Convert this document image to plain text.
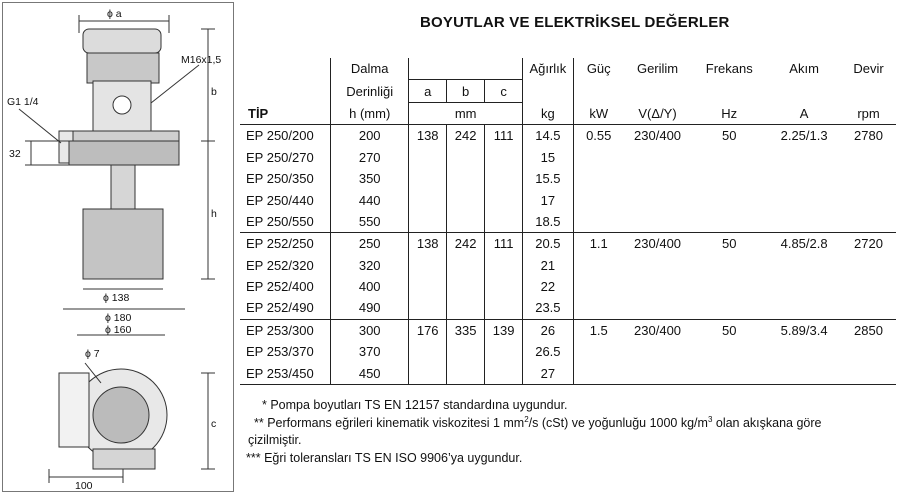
ϕ a
M16x1,5
G1 1/4
b
32
h
ϕ 138
ϕ 180
ϕ 160
ϕ 7
c
100
BOYUTLAR VE ELEKTRİKSEL DEĞERLER
	Dalma				Ağırlık	Güç	Gerilim	Frekans	Akım	Devir
	Derinliği	a	b	c						
TİP	h (mm)	mm			kg	kW	V(Δ/Y)	Hz	A	rpm
EP 250/200	200	138	242	111	14.5	0.55	230/400	50	2.25/1.3	2780
EP 250/270	270				15					
EP 250/350	350				15.5					
EP 250/440	440				17					
EP 250/550	550				18.5					
EP 252/250	250	138	242	111	20.5	1.1	230/400	50	4.85/2.8	2720
EP 252/320	320				21					
EP 252/400	400				22					
EP 252/490	490				23.5					
EP 253/300	300	176	335	139	26	1.5	230/400	50	5.89/3.4	2850
EP 253/370	370				26.5					
EP 253/450	450				27					
* Pompa boyutları TS EN 12157 standardına uygundur.
** Performans eğrileri kinematik viskozitesi 1 $mm^2/s$ (cSt) ve yoğunluğu 1000 $kg/m^3$ olan akışkana göre
çizilmiştir.
*** Eğri toleransları TS EN ISO 9906’ya uygundur.
